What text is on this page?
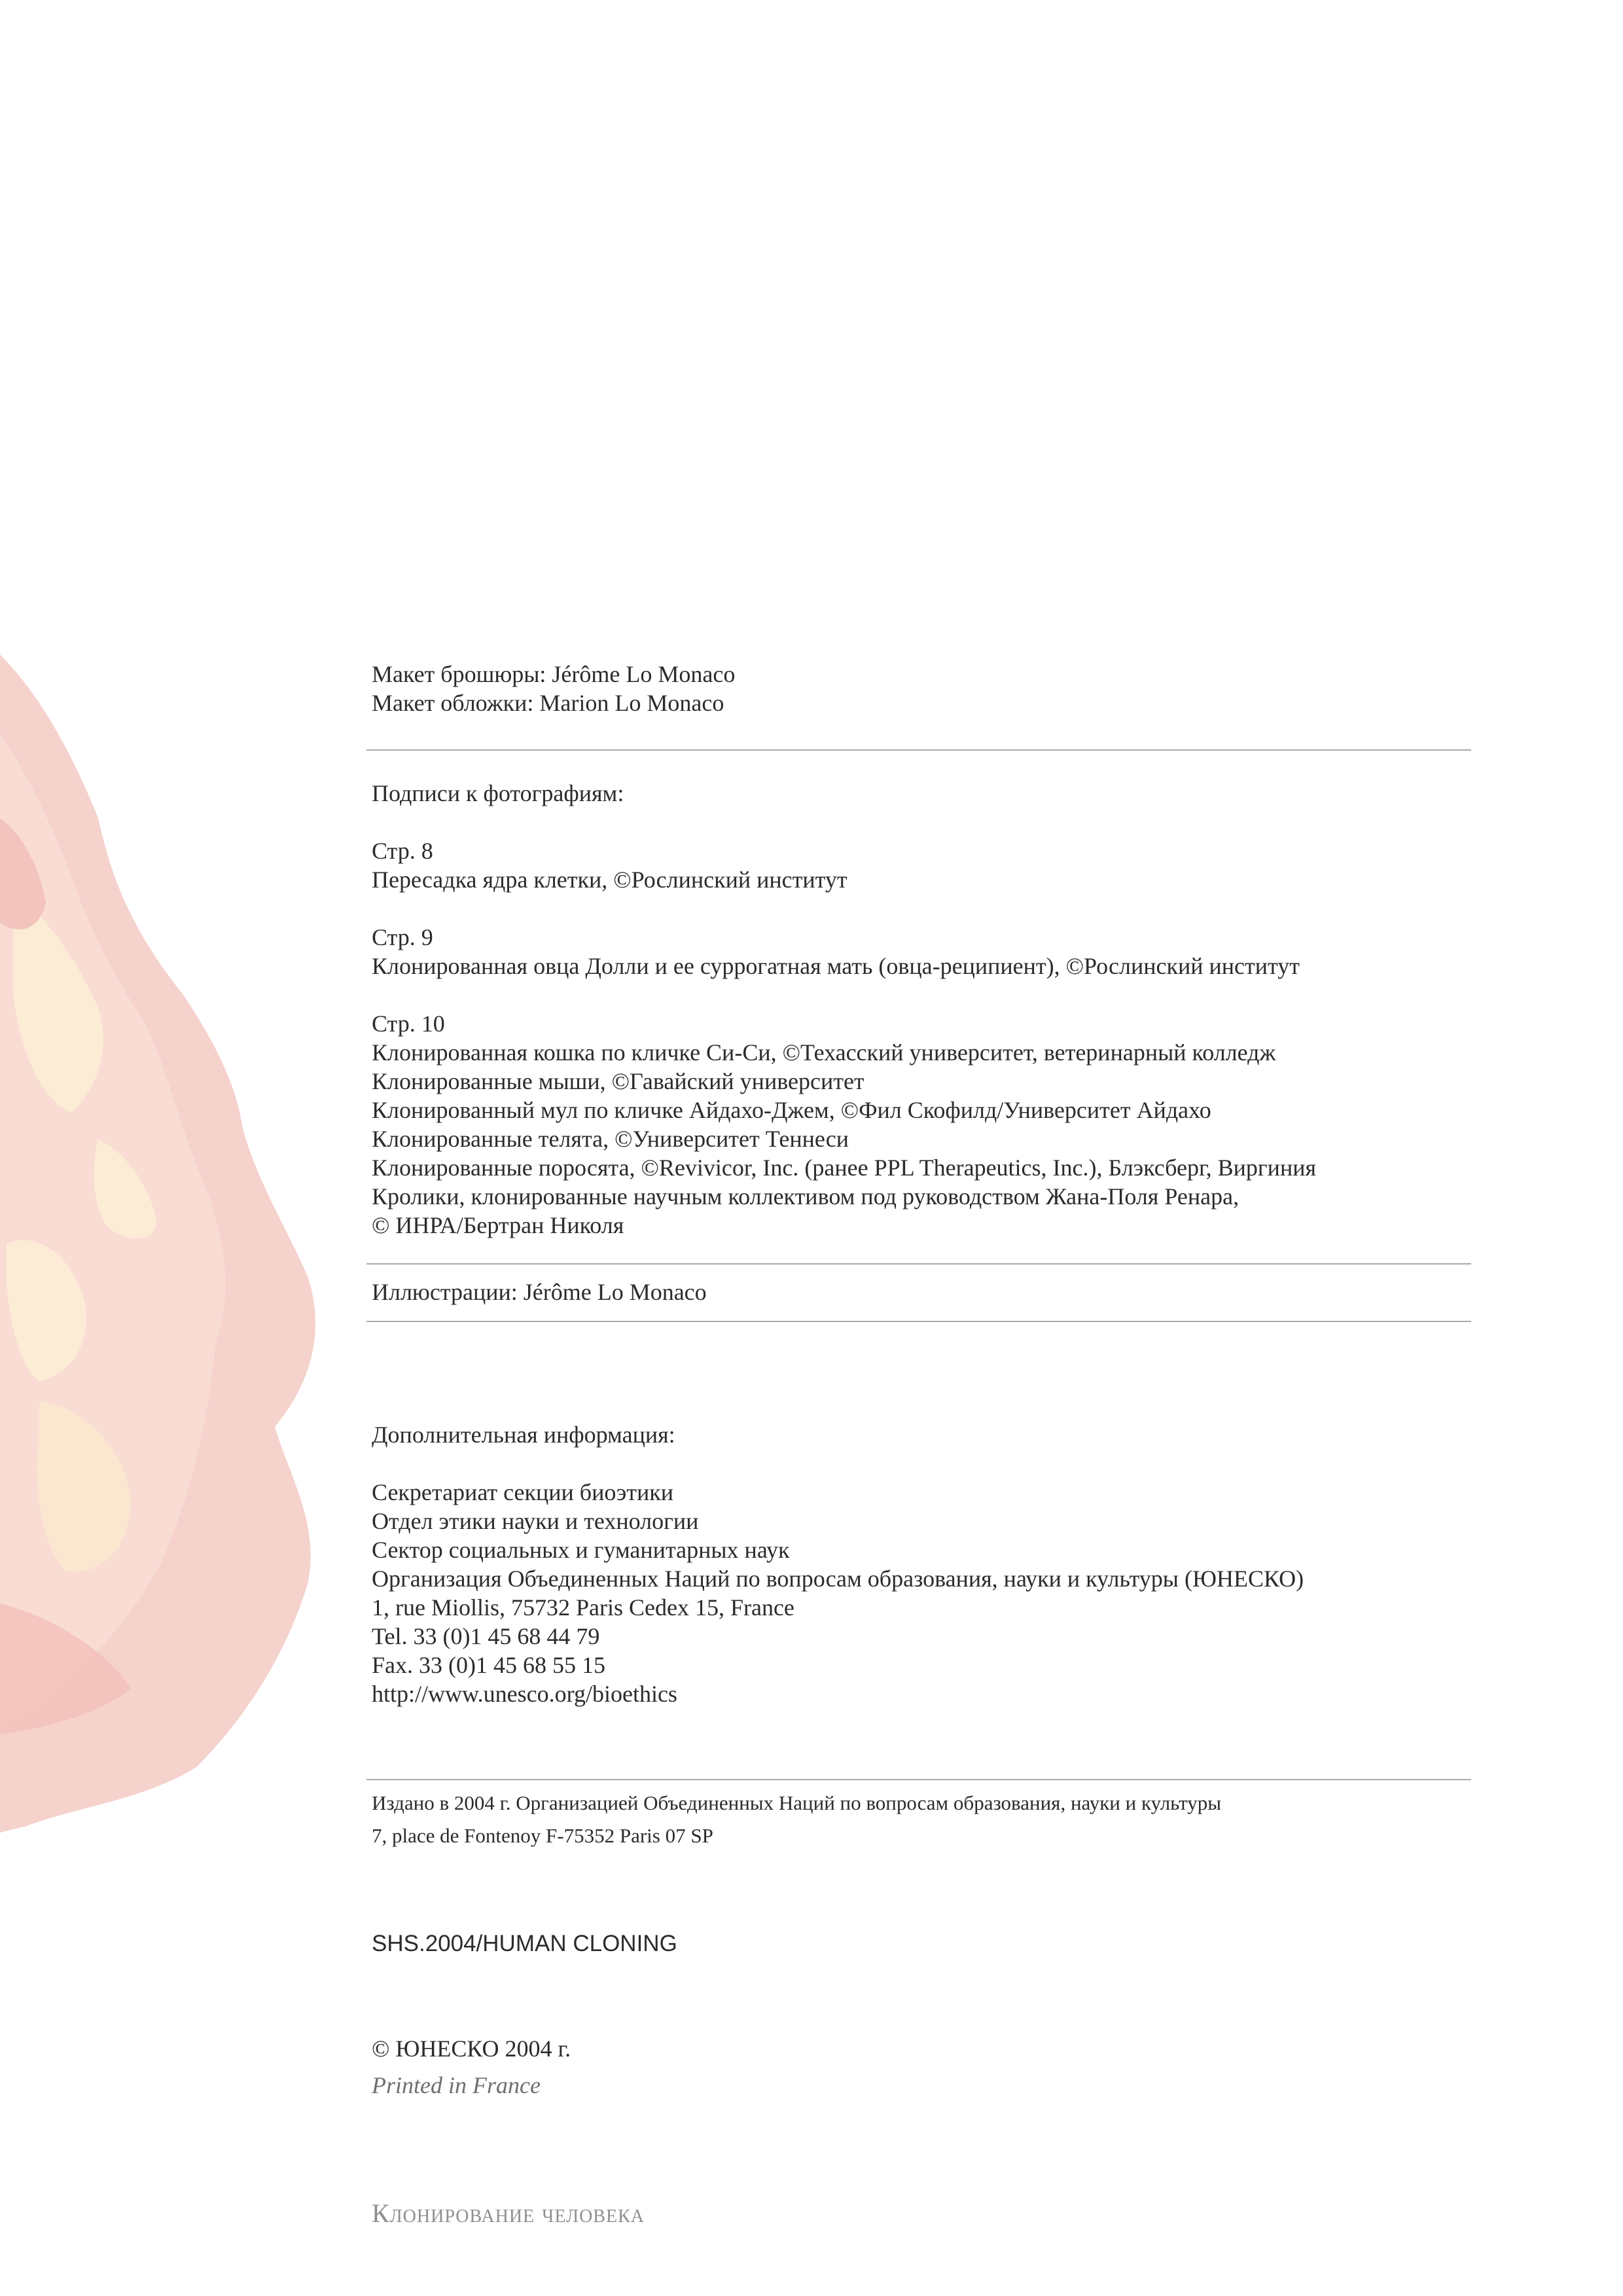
Макет брошюры: Jérôme Lo Monaco
Макет обложки: Marion Lo Monaco
Подписи к фотографиям:
Стр. 8
Пересадка ядра клетки, ©Рослинский институт
Стр. 9
Клонированная овца Долли и ее суррогатная мать (овца-реципиент), ©Рослинский институт
Стр. 10
Клонированная кошка по кличке Си-Си, ©Техасский университет, ветеринарный колледж
Клонированные мыши, ©Гавайский университет
Клонированный мул по кличке Айдахо-Джем, ©Фил Скофилд/Университет Айдахо
Клонированные телята, ©Университет Теннеси
Клонированные поросята, ©Revivicor, Inc. (ранее PPL Therapeutics, Inc.), Блэксберг, Виргиния
Кролики, клонированные научным коллективом под руководством Жана-Поля Ренара,
© ИНРА/Бертран Николя
Иллюстрации: Jérôme Lo Monaco
Дополнительная информация:
Секретариат секции биоэтики
Отдел этики науки и технологии
Сектор социальных и гуманитарных наук
Организация Объединенных Наций по вопросам образования, науки и культуры (ЮНЕСКО)
1, rue Miollis, 75732 Paris Cedex 15, France
Tel. 33 (0)1 45 68 44 79
Fax. 33 (0)1 45 68 55 15
http://www.unesco.org/bioethics
Издано в 2004 г. Организацией Объединенных Наций по вопросам образования, науки и культуры
7, place de Fontenoy F-75352 Paris 07 SP
SHS.2004/HUMAN CLONING
© ЮНЕСКО 2004 г.
Printed in France
Клонирование человека
